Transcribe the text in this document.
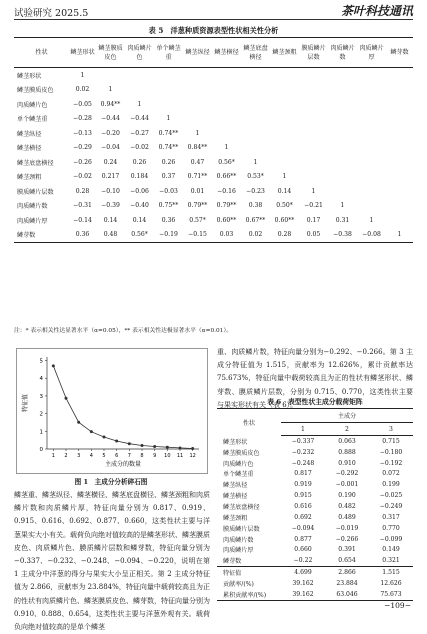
试验研究 2025.5	茶叶科技通讯
表 5　洋葱种质资源表型性状相关性分析
性状	鳞茎形状	鳞茎膜质皮色	肉质鳞片色	单个鳞茎重	鳞茎纵径	鳞茎横径	鳞茎底盘横径	鳞茎颈粗	膜质鳞片层数	肉质鳞片数	肉质鳞片厚	鳞芽数
鳞茎形状	1											
鳞茎膜质皮色	0.02	1										
肉质鳞片色	−0.05	0.94**	1									
单个鳞茎重	−0.28	−0.44	−0.44	1								
鳞茎纵径	−0.13	−0.20	−0.27	0.74**	1							
鳞茎横径	−0.29	−0.04	−0.02	0.74**	0.84**	1						
鳞茎底盘横径	−0.26	0.24	0.26	0.26	0.47	0.56*	1					
鳞茎颈粗	−0.02	0.217	0.184	0.37	0.71**	0.66**	0.53*	1				
膜质鳞片层数	0.28	−0.10	−0.06	−0.03	0.01	−0.16	−0.23	0.14	1			
肉质鳞片数	−0.31	−0.39	−0.40	0.75**	0.79**	0.79**	0.38	0.50*	−0.21	1		
肉质鳞片厚	−0.14	0.14	0.14	0.36	0.57*	0.60**	0.67**	0.60**	0.17	0.31	1	
鳞芽数	0.36	0.48	0.56*	−0.19	−0.15	0.03	0.02	0.28	0.05	−0.38	−0.08	1
注：* 表示相关性达显著水平（α=0.05），** 表示相关性达极显著水平（α=0.01）。
0
1
2
3
4
5
1 2 3 4 5 6 7 8 9 10 11 12
主成分的数量
特征值
图 1　主成分分析碎石图
重、肉质鳞片数，特征向量分别为−0.292、−0.266。第 3 主成分特征值为 1.515，贡献率为 12.626%，累计贡献率达 75.673%，特征向量中载荷较高且为正的性状有鳞茎形状、鳞芽数、膜质鳞片层数，分别为 0.715、0.770，这类性状主要与果实形状有关（表 6）。
鳞茎重、鳞茎纵径、鳞茎横径、鳞茎底盘横径、鳞茎颈粗和肉质鳞片数和肉质鳞片厚，特征向量分别为 0.817、0.919、0.915、0.616、0.692、0.877、0.660，这类性状主要与洋葱果实大小有关。载荷负向绝对值较高的是鳞茎形状、鳞茎膜质皮色、肉质鳞片色、膜质鳞片层数和鳞芽数，特征向量分别为−0.337、−0.232、−0.248、−0.094、−0.220，说明在第 1 主成分中洋葱的得分与果实大小呈正相关。第 2 主成分特征值为 2.866，贡献率为 23.884%，特征向量中载荷较高且为正的性状有肉质鳞片色、鳞茎膜质皮色、鳞芽数，特征向量分别为 0.910、0.888、0.654，这类性状主要与洋葱外观有关。载荷负向绝对值较高的是单个鳞茎
表 6　表型性状主成分载荷矩阵
性状	主成分		
	1	2	3
鳞茎形状	−0.337	0.063	0.715
鳞茎膜质皮色	−0.232	0.888	−0.180
肉质鳞片色	−0.248	0.910	−0.192
单个鳞茎重	0.817	−0.292	0.072
鳞茎纵径	0.919	−0.001	0.199
鳞茎横径	0.915	0.190	−0.025
鳞茎底盘横径	0.616	0.482	−0.249
鳞茎颈粗	0.692	0.489	0.317
膜质鳞片层数	−0.094	−0.019	0.770
肉质鳞片数	0.877	−0.266	−0.099
肉质鳞片厚	0.660	0.391	0.149
鳞芽数	−0.22	0.654	0.321
特征值	4.699	2.866	1.515
贡献率/(%)	39.162	23.884	12.626
累积贡献率/(%)	39.162	63.046	75.673
−109−
